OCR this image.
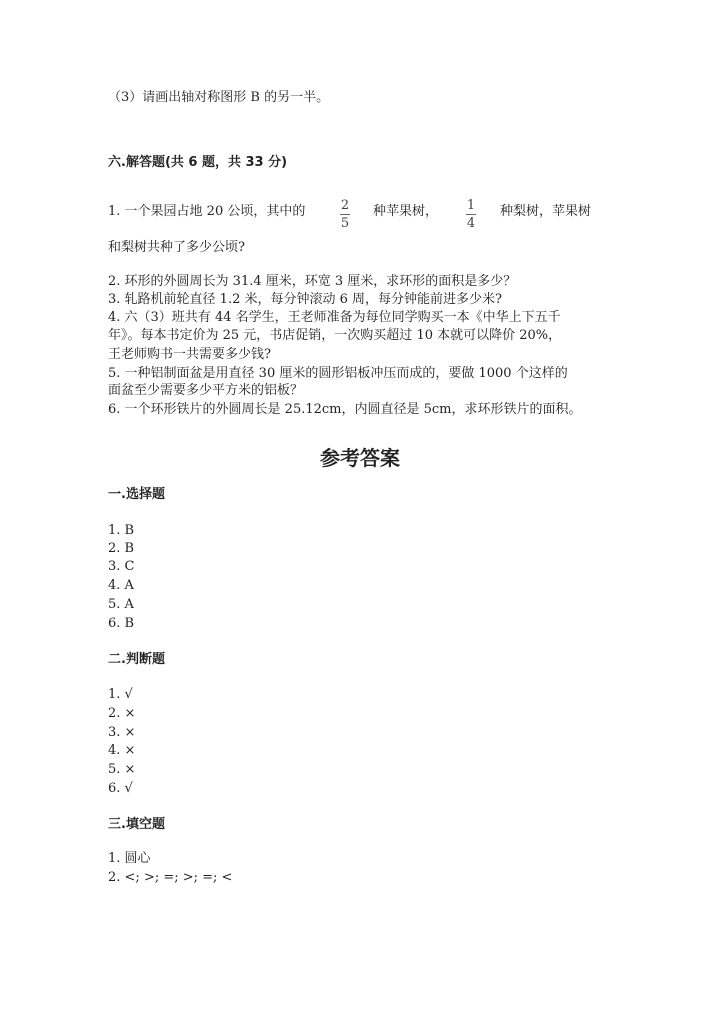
（3）请画出轴对称图形 B 的另一半。
六.解答题(共 6 题，共 33 分)
1. 一个果园占地 20 公顷，其中的	2
5
种苹果树， 1
4
种梨树，苹果树
和梨树共种了多少公顷?
2. 环形的外圆周长为 31.4 厘米，环宽 3 厘米，求环形的面积是多少？
3. 轧路机前轮直径 1.2 米，每分钟滚动 6 周，每分钟能前进多少米?
4. 六（3）班共有 44 名学生，王老师准备为每位同学购买一本《中华上下五千
年》。每本书定价为 25 元，书店促销，一次购买超过 10 本就可以降价 20%，
王老师购书一共需要多少钱?
5. 一种铝制面盆是用直径 30 厘米的圆形铝板冲压而成的，要做 1000 个这样的
面盆至少需要多少平方米的铝板？
6. 一个环形铁片的外圆周长是 25.12cm，内圆直径是 5cm，求环形铁片的面积。
参考答案
一.选择题
1. B
2. B
3. C
4. A
5. A
6. B
二.判断题
1. √
2. ×
3. ×
4. ×
5. ×
6. √
三.填空题
1. 圆心
2. <; >; =; >; =; <
